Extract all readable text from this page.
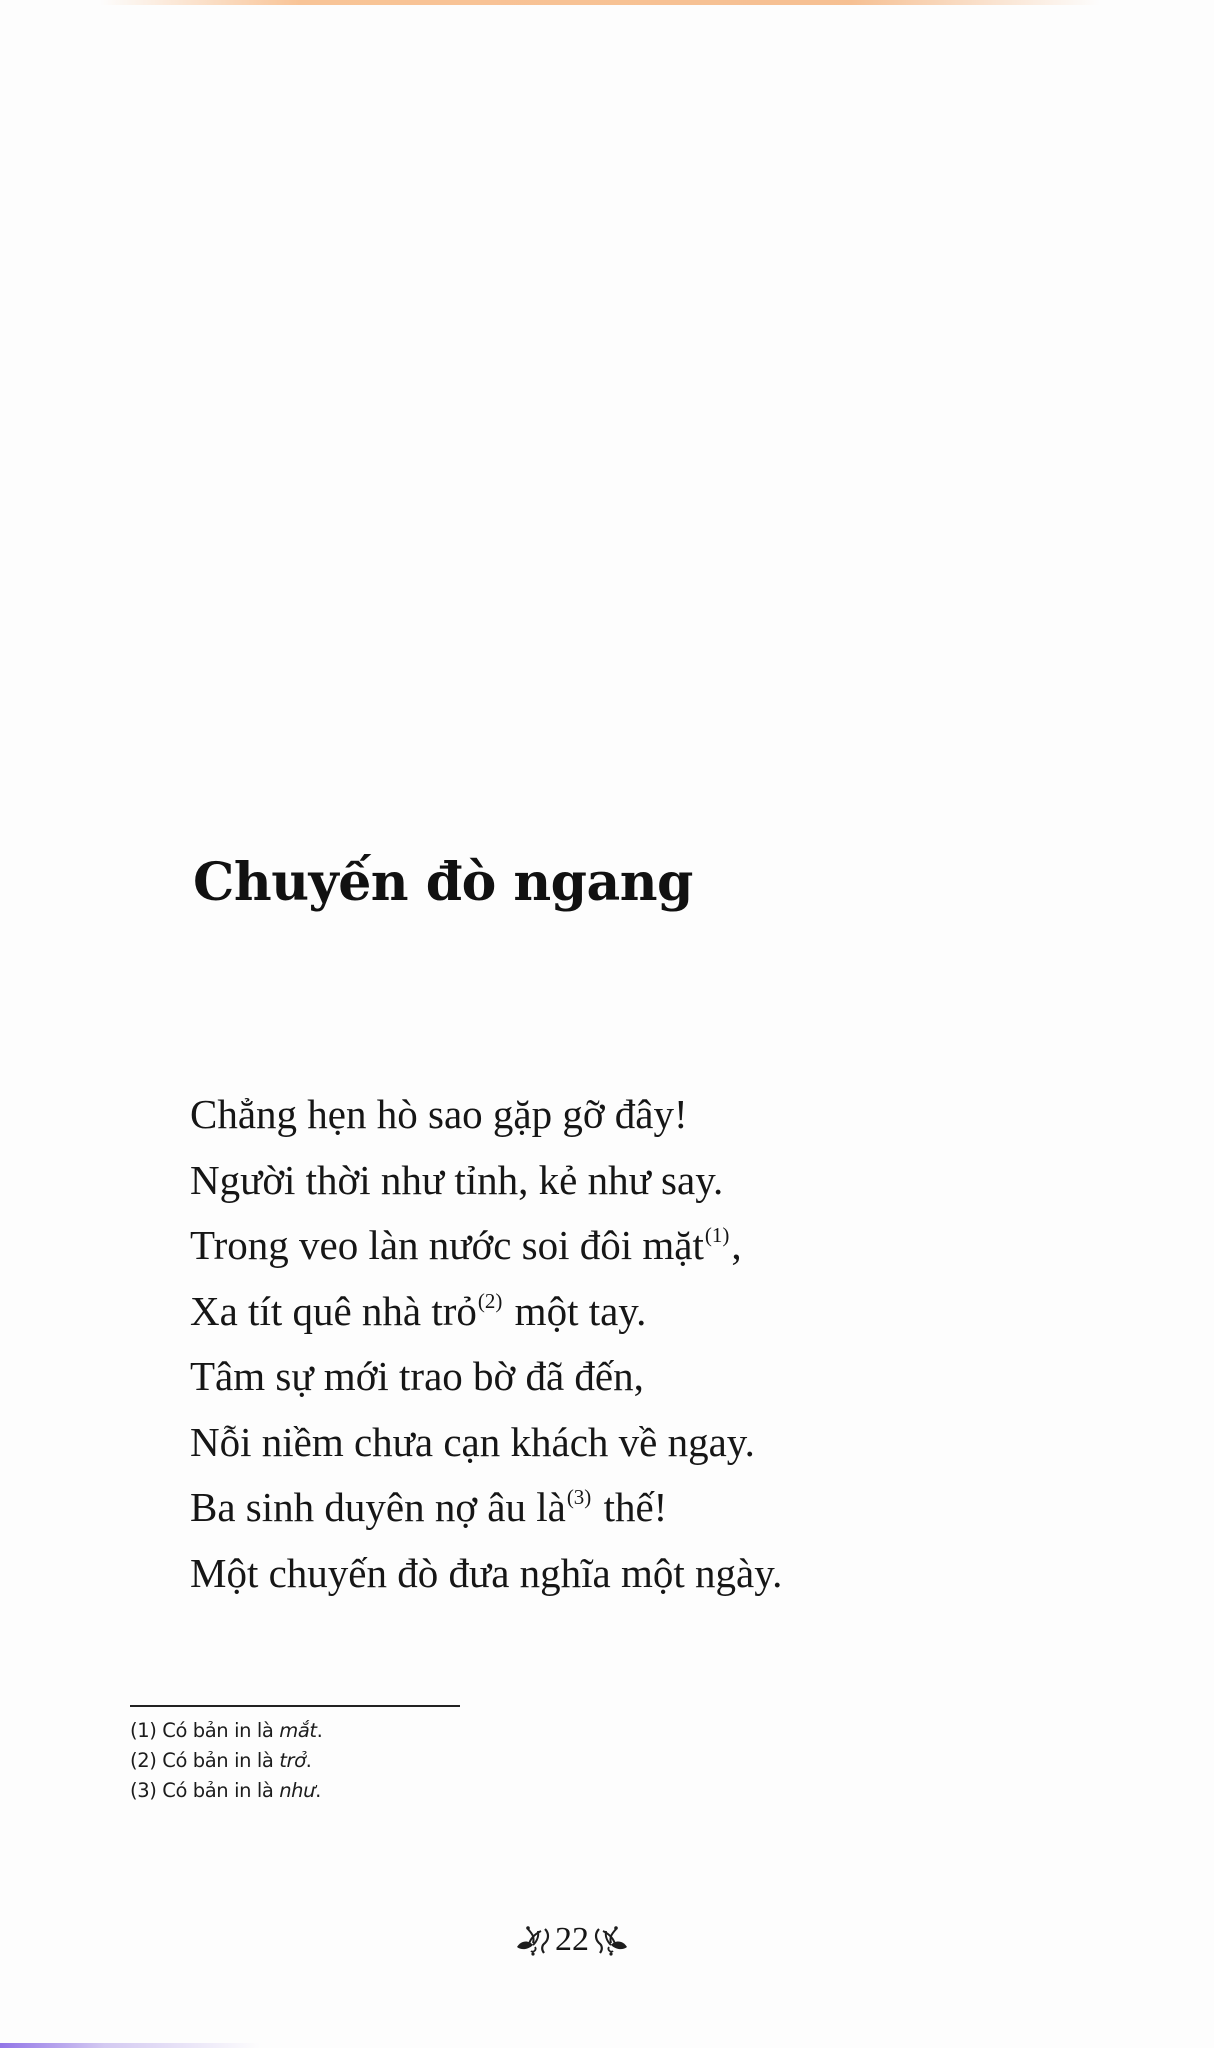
Chuyến đò ngang
Chẳng hẹn hò sao gặp gỡ đây!
Người thời như tỉnh, kẻ như say.
Trong veo làn nước soi đôi mặt$^{(1)}$,
Xa tít quê nhà trỏ$^{(2)}$ một tay.
Tâm sự mới trao bờ đã đến,
Nỗi niềm chưa cạn khách về ngay.
Ba sinh duyên nợ âu $là^{(3)}$ thế!
Một chuyến đò đưa nghĩa một ngày.
(1) Có bản in là mắt.
(2) Có bản in là trở.
(3) Có bản in là như.
22
